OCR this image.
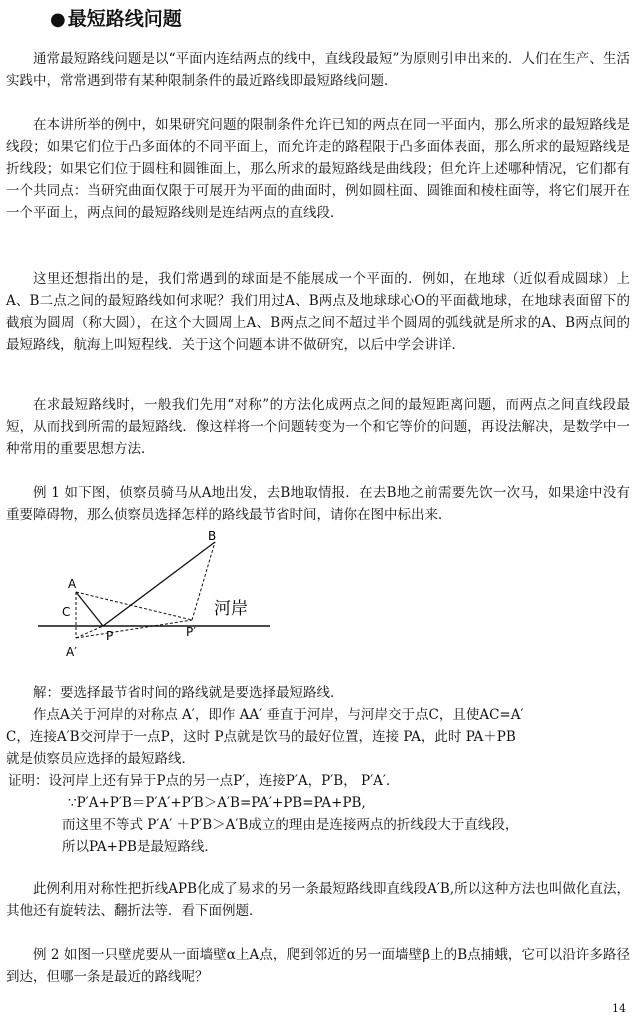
● 最短路线问题

通常最短路线问题是以“平面内连结两点的线中，直线段最短”为原则引申出来的．人们在生产、生活实践中，常常遇到带有某种限制条件的最近路线即最短路线问题．

在本讲所举的例中，如果研究问题的限制条件允许已知的两点在同一平面内，那么所求的最短路线是线段；如果它们位于凸多面体的不同平面上，而允许走的路程限于凸多面体表面，那么所求的最短路线是折线段；如果它们位于圆柱和圆锥面上，那么所求的最短路线是曲线段；但允许上述哪种情况，它们都有一个共同点：当研究曲面仅限于可展开为平面的曲面时，例如圆柱面、圆锥面和棱柱面等，将它们展开在一个平面上，两点间的最短路线则是连结两点的直线段．

这里还想指出的是，我们常遇到的球面是不能展成一个平面的．例如，在地球（近似看成圆球）上A、B二点之间的最短路线如何求呢？我们用过A、B两点及地球球心O的平面截地球，在地球表面留下的截痕为圆周（称大圆），在这个大圆周上A、B两点之间不超过半个圆周的弧线就是所求的A、B两点间的最短路线，航海上叫短程线．关于这个问题本讲不做研究，以后中学会讲详．

在求最短路线时，一般我们先用“对称”的方法化成两点之间的最短距离问题，而两点之间直线段最短，从而找到所需的最短路线．像这样将一个问题转变为一个和它等价的问题，再设法解决，是数学中一种常用的重要思想方法．

例 1 如下图，侦察员骑马从A地出发，去B地取情报．在去B地之前需要先饮一次马，如果途中没有重要障碍物，那么侦察员选择怎样的路线最节省时间，请你在图中标出来．

A
B
C
P	P′
A′
河岸

解：要选择最节省时间的路线就是要选择最短路线．

作点A关于河岸的对称点 A′，即作 AA′ 垂直于河岸，与河岸交于点C，且使AC=A′

C，连接A′B交河岸于一点P，这时 P点就是饮马的最好位置，连接 PA，此时 PA＋PB

就是侦察员应选择的最短路线．

证明：设河岸上还有异于P点的另一点P′，连接P′A，P′B， P′A′．

∵P′A+P′B＝P′A′+P′B＞A′B=PA′+PB=PA+PB,

而这里不等式 P′A′ ＋P′B＞A′B成立的理由是连接两点的折线段大于直线段，

所以PA+PB是最短路线．

此例利用对称性把折线APB化成了易求的另一条最短路线即直线段A′B,所以这种方法也叫做化直法，其他还有旋转法、翻折法等．看下面例题．

例 2 如图一只壁虎要从一面墙壁α上A点，爬到邻近的另一面墙壁β上的B点捕蛾，它可以沿许多路径到达，但哪一条是最近的路线呢？

14
